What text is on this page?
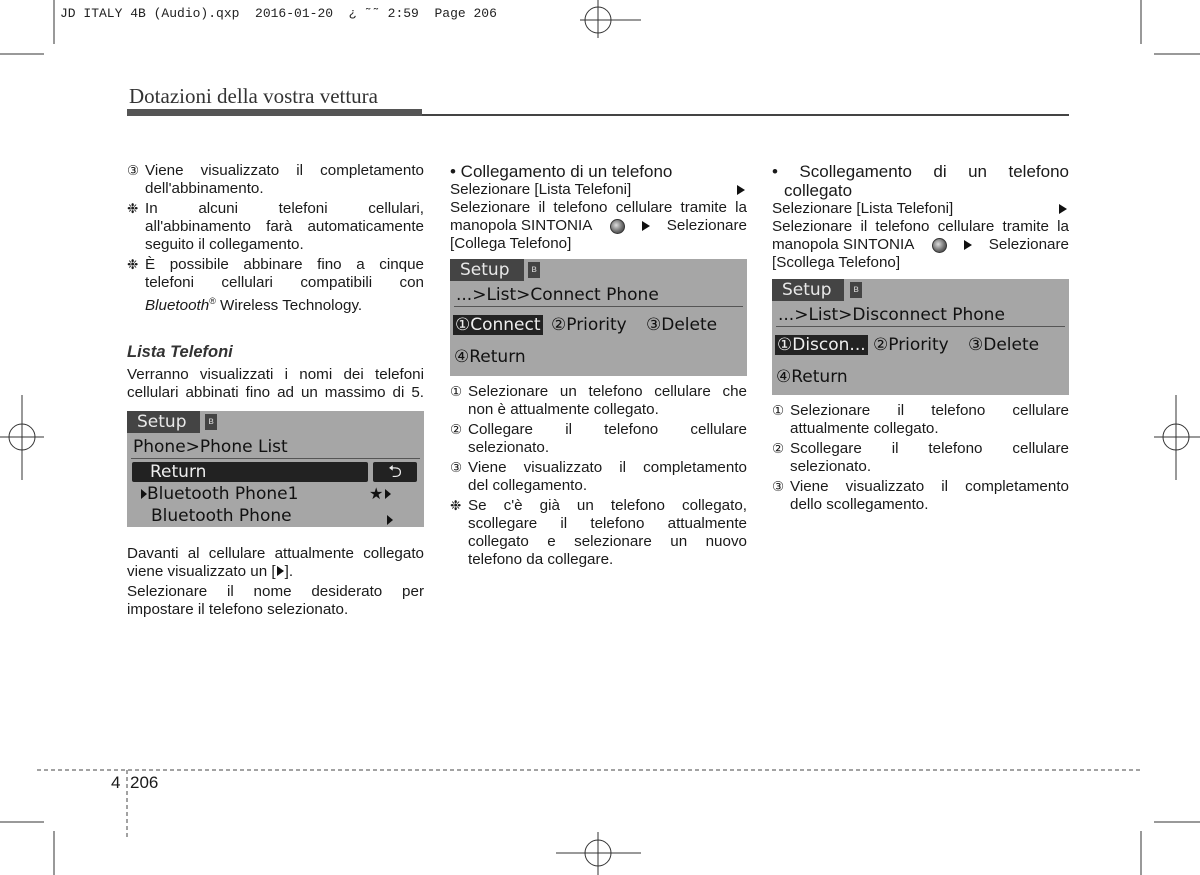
JD ITALY 4B (Audio).qxp  2016-01-20  ¿ ˜˜ 2:59  Page 206
Dotazioni della vostra vettura
③ Viene visualizzato il completamento
dell'abbinamento.
❉ In alcuni telefoni cellulari,
all'abbinamento farà automaticamente
seguito il collegamento.
❉ È possibile abbinare fino a cinque
telefoni cellulari compatibili con
Bluetooth® Wireless Technology.
Lista Telefoni
Verranno visualizzati i nomi dei telefoni
cellulari abbinati fino ad un massimo di 5.
Setup	ʙ
Phone>Phone List
Return	⮌
Bluetooth Phone1	★
Bluetooth Phone
Davanti al cellulare attualmente collegato
viene visualizzato un [ ].
Selezionare il nome desiderato per
impostare il telefono selezionato.
• Collegamento di un telefono
Selezionare [Lista Telefoni]
Selezionare il telefono cellulare tramite la
manopola SINTONIA	Selezionare
[Collega Telefono]
Setup	ʙ
...>List>Connect Phone
①Connect ②Priority ③Delete
④Return
① Selezionare un telefono cellulare che
non è attualmente collegato.
② Collegare il telefono cellulare
selezionato.
③ Viene visualizzato il completamento
del collegamento.
❉ Se c'è già un telefono collegato,
scollegare il telefono attualmente
collegato e selezionare un nuovo
telefono da collegare.
• Scollegamento di un telefono
collegato
Selezionare [Lista Telefoni]
Selezionare il telefono cellulare tramite la
manopola SINTONIA	Selezionare
[Scollega Telefono]
Setup	ʙ
...>List>Disconnect Phone
①Discon... ②Priority ③Delete
④Return
① Selezionare il telefono cellulare
attualmente collegato.
② Scollegare il telefono cellulare
selezionato.
③ Viene visualizzato il completamento
dello scollegamento.
4 206
